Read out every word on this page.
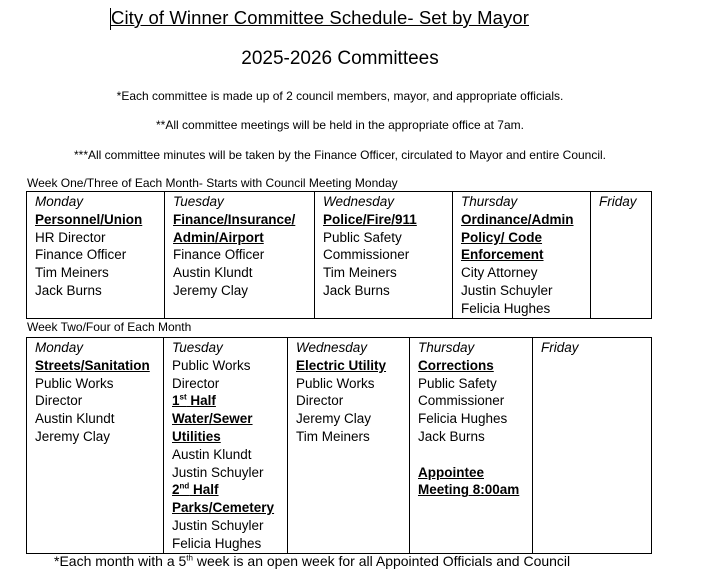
City of Winner Committee Schedule- Set by Mayor
2025-2026 Committees
*Each committee is made up of 2 council members, mayor, and appropriate officials.
**All committee meetings will be held in the appropriate office at 7am.
***All committee minutes will be taken by the Finance Officer, circulated to Mayor and entire Council.
Week One/Three of Each Month- Starts with Council Meeting Monday
Monday
Personnel/Union
HR Director
Finance Officer
Tim Meiners
Jack Burns

Tuesday
Finance/Insurance/
Admin/Airport
Finance Officer
Austin Klundt
Jeremy Clay

Wednesday
Police/Fire/911
Public Safety
Commissioner
Tim Meiners
Jack Burns

Thursday
Ordinance/Admin
Policy/ Code
Enforcement
City Attorney
Justin Schuyler
Felicia Hughes

Friday
Week Two/Four of Each Month
Monday
Streets/Sanitation
Public Works
Director
Austin Klundt
Jeremy Clay

Tuesday
Public Works
Director
1st Half
Water/Sewer
Utilities
Austin Klundt
Justin Schuyler
2nd Half
Parks/Cemetery
Justin Schuyler
Felicia Hughes

Wednesday
Electric Utility
Public Works
Director
Jeremy Clay
Tim Meiners

Thursday
Corrections
Public Safety
Commissioner
Felicia Hughes
Jack Burns
Appointee
Meeting 8:00am

Friday
*Each month with a 5th week is an open week for all Appointed Officials and Council
